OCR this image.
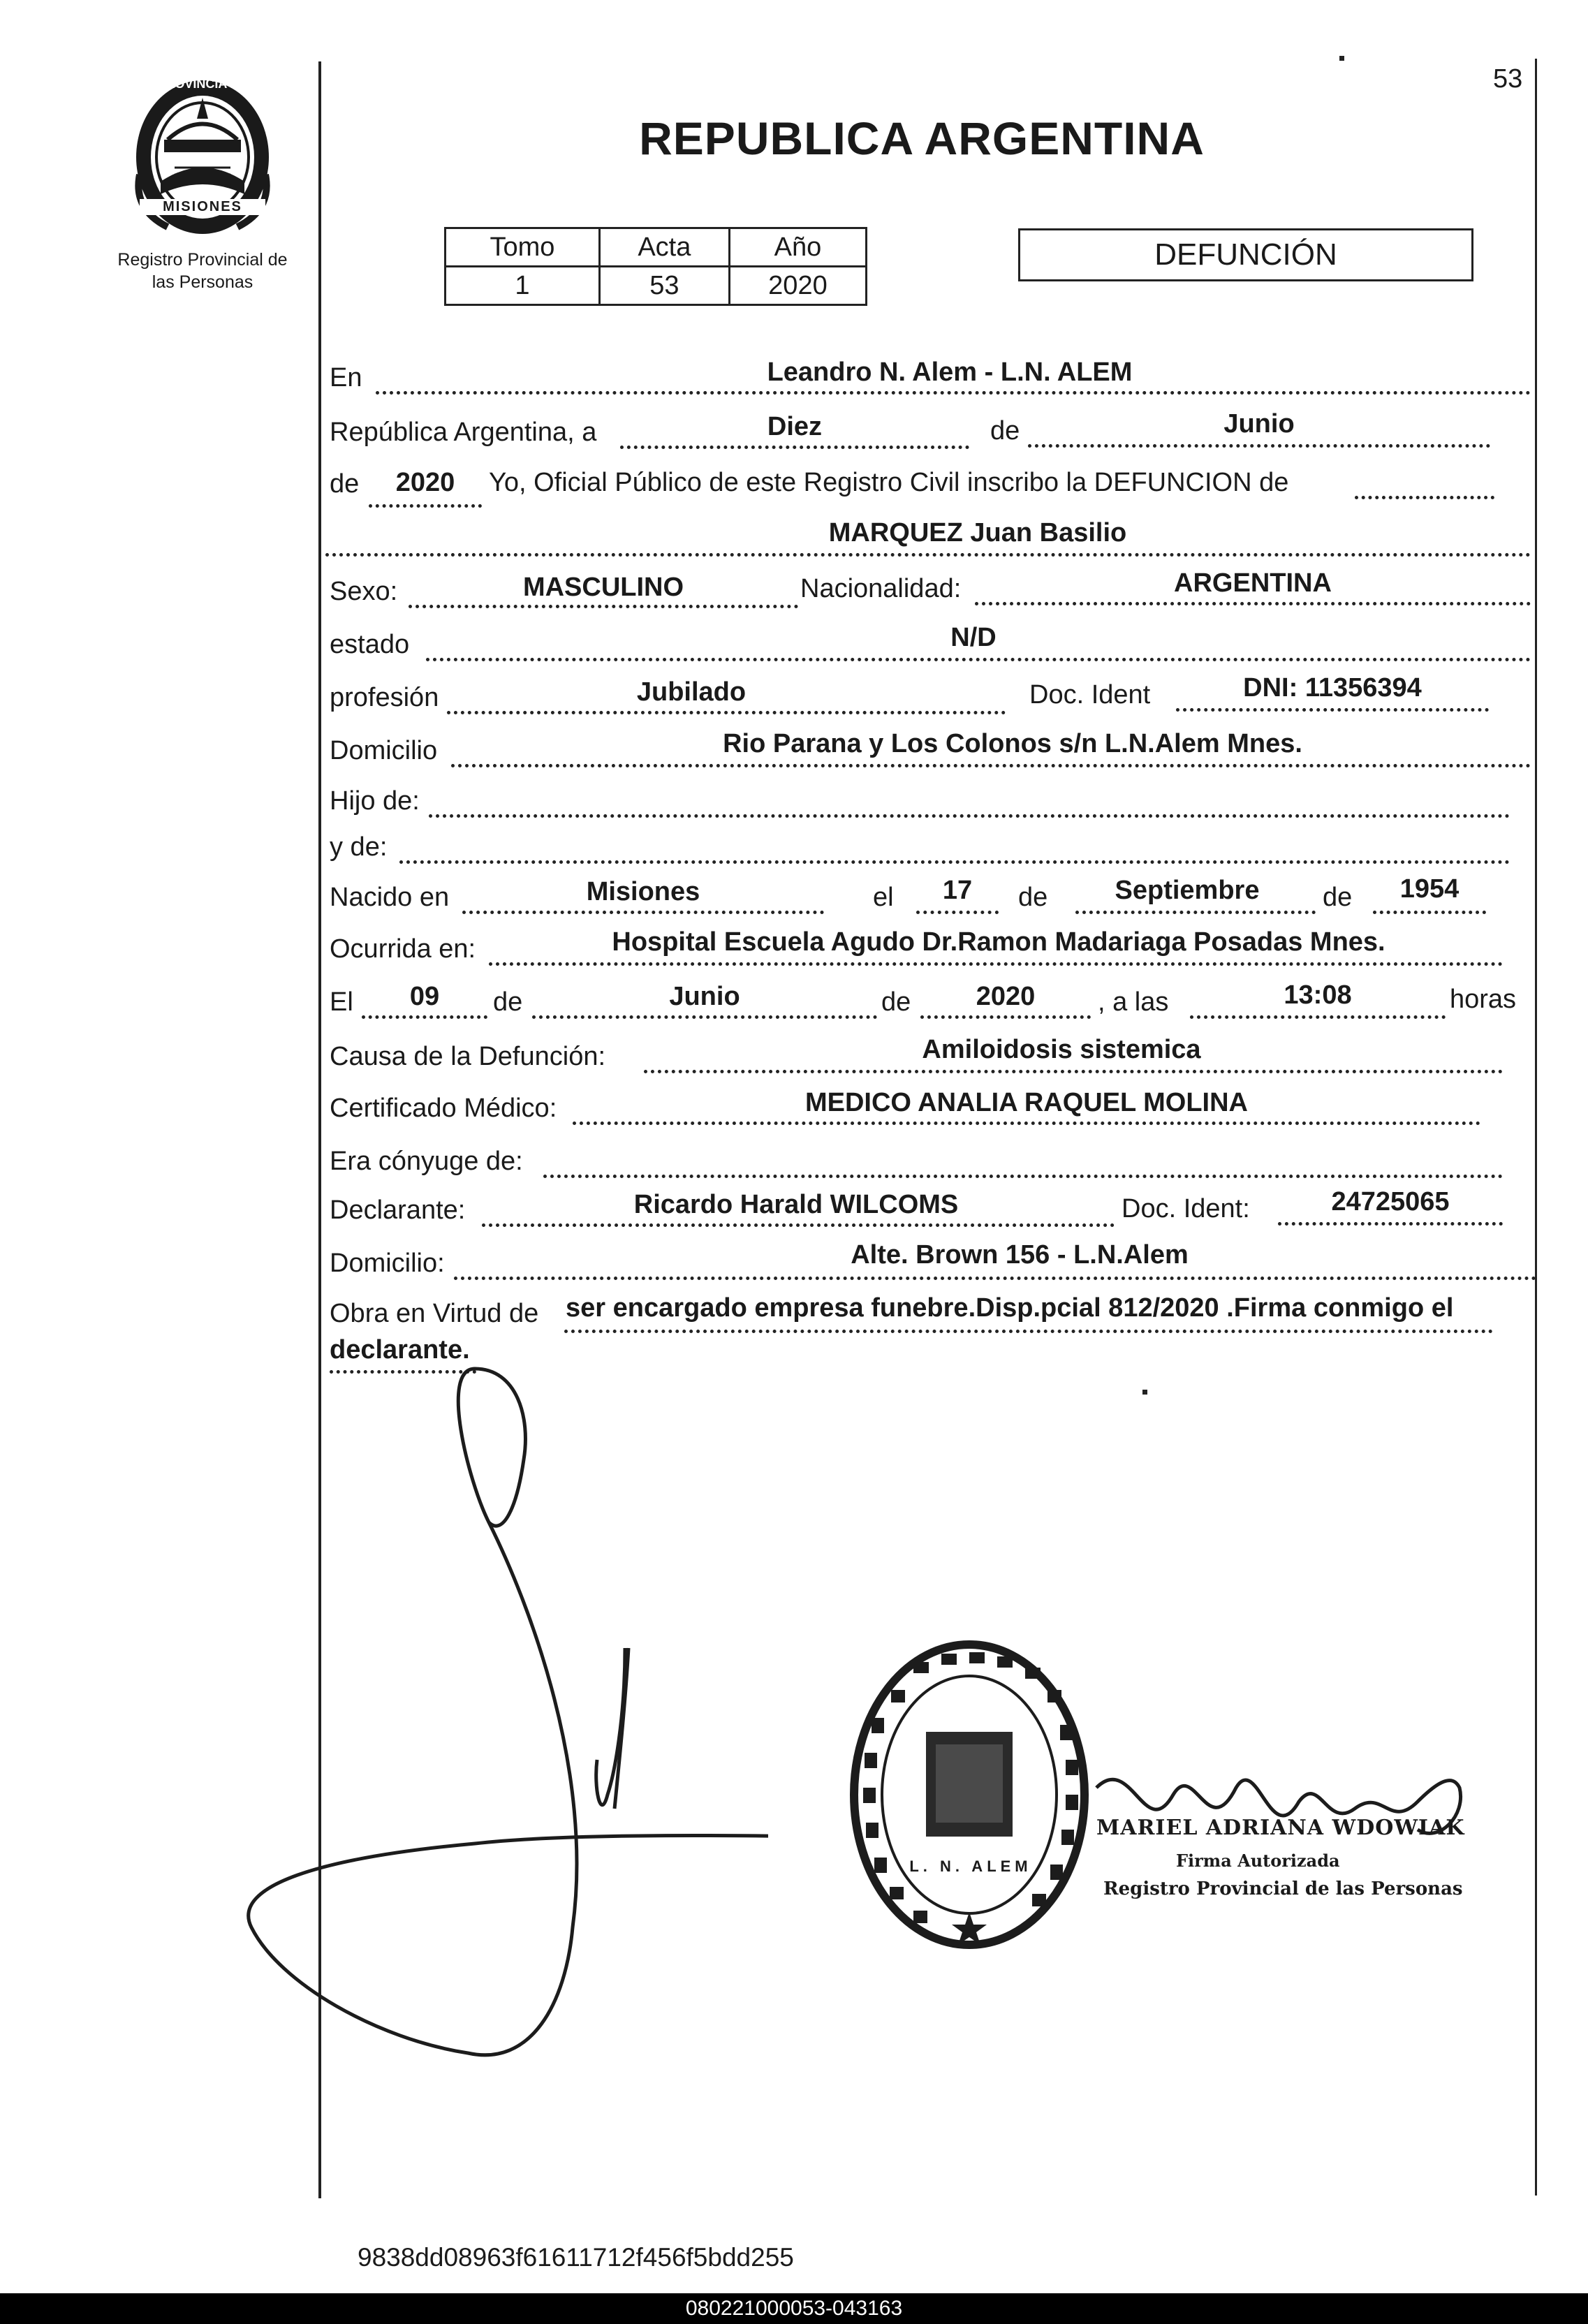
53
PROVINCIA DE
MISIONES
Registro Provincial de
las Personas
REPUBLICA ARGENTINA
Tomo	Acta	Año
1	53	2020
DEFUNCIÓN
En	Leandro N. Alem - L.N. ALEM
República Argentina, a	Diez	de	Junio
de	2020	Yo, Oficial Público de este Registro Civil inscribo la DEFUNCION de
MARQUEZ Juan Basilio
Sexo:	MASCULINO	Nacionalidad:	ARGENTINA
estado	N/D
profesión	Jubilado	Doc. Ident	DNI: 11356394
Domicilio	Rio Parana y Los Colonos s/n L.N.Alem Mnes.
Hijo de:
y de:
Nacido en	Misiones	el	17	de	Septiembre	de	1954
Ocurrida en:	Hospital Escuela Agudo Dr.Ramon Madariaga Posadas Mnes.
El	09	de	Junio	de	2020	, a las	13:08	horas
Causa de la Defunción:	Amiloidosis sistemica
Certificado Médico:	MEDICO ANALIA RAQUEL MOLINA
Era cónyuge de:
Declarante:	Ricardo Harald WILCOMS	Doc. Ident:	24725065
Domicilio:	Alte. Brown 156 - L.N.Alem
Obra en Virtud de ser encargado empresa funebre.Disp.pcial 812/2020 .Firma conmigo el
declarante.
L. N. ALEM
MARIEL ADRIANA WDOWIAK
Firma Autorizada
Registro Provincial de las Personas
9838dd08963f61611712f456f5bdd255
080221000053-043163
